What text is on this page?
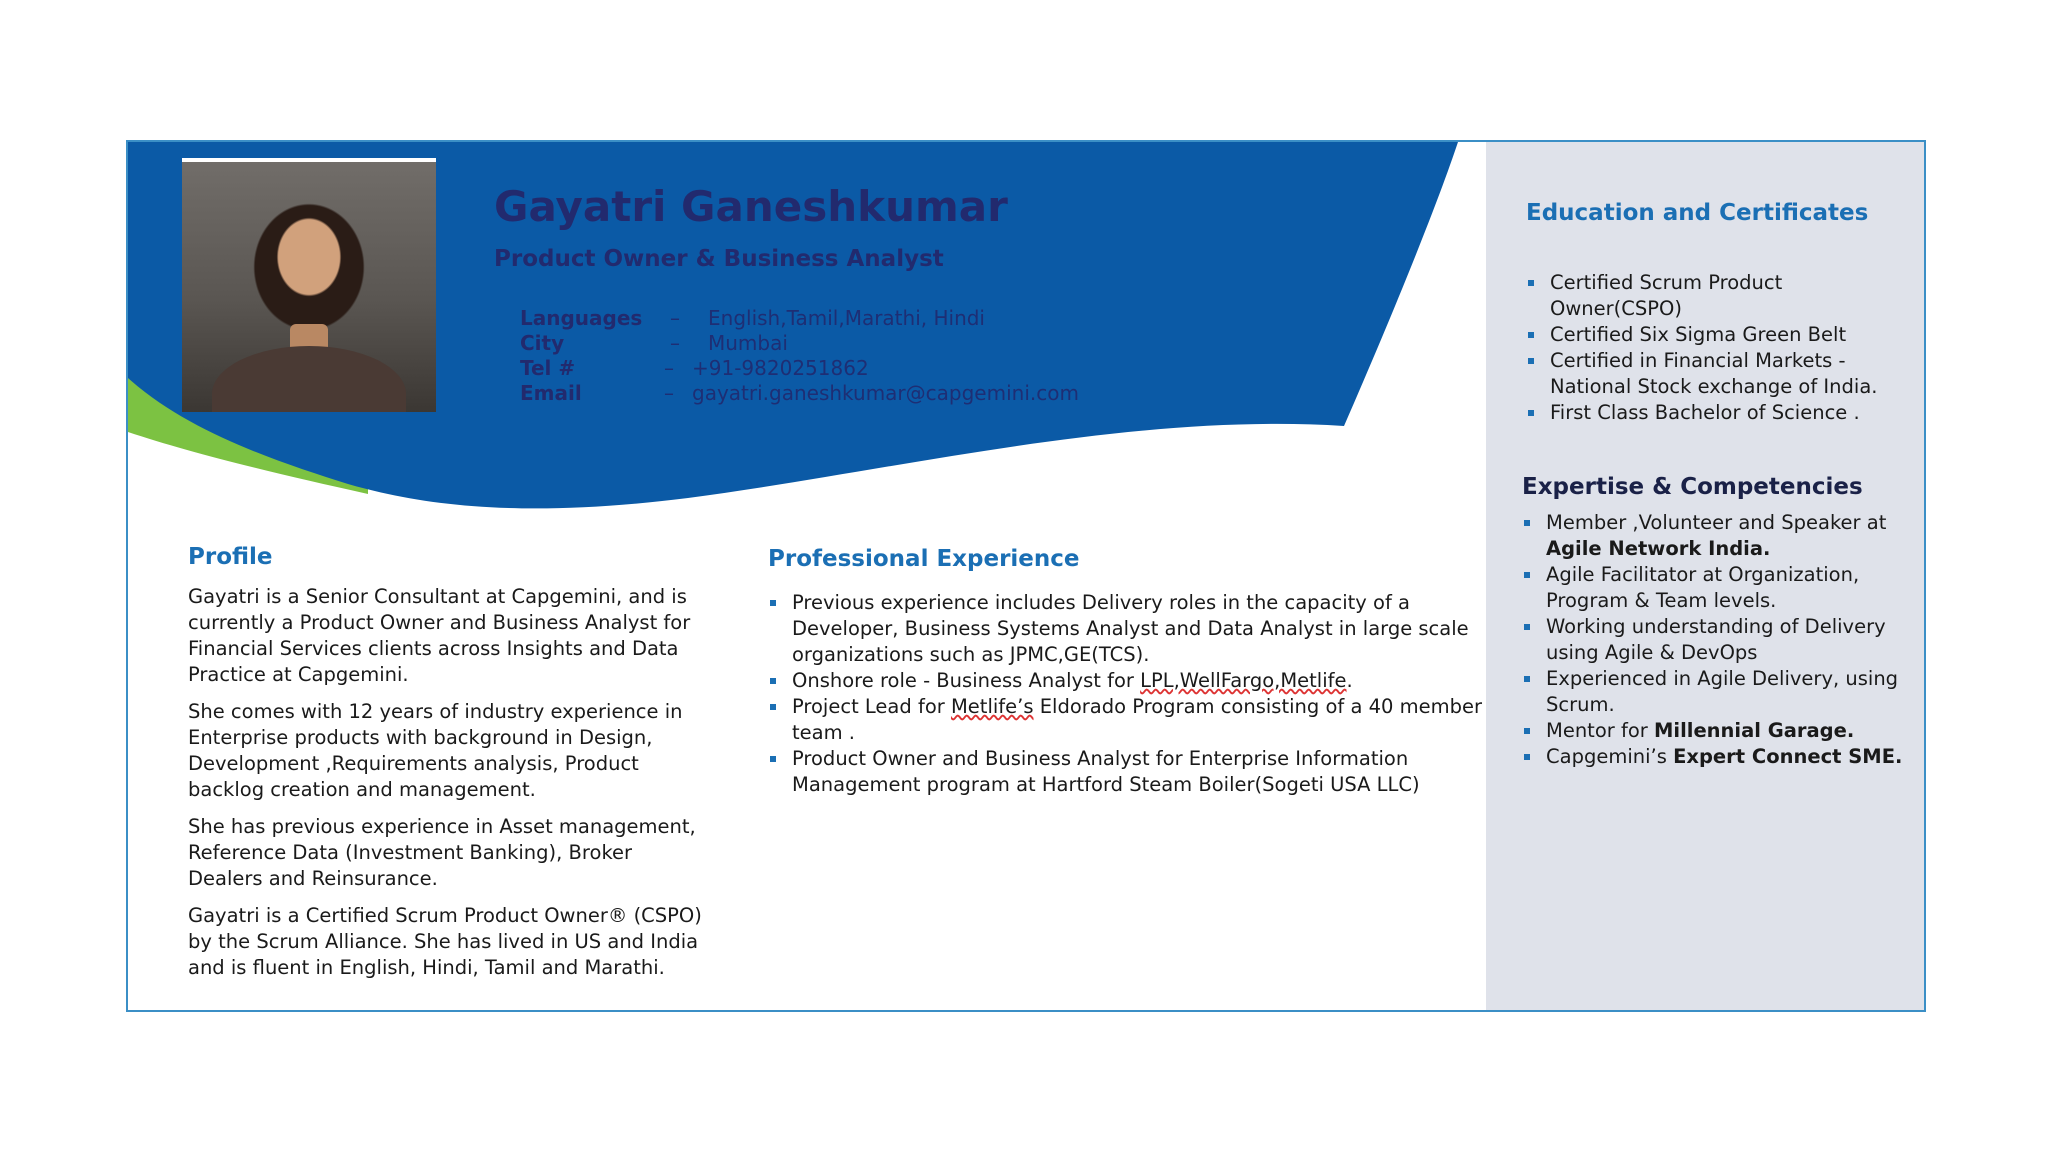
Gayatri Ganeshkumar
Product Owner & Business Analyst
Languages – English,Tamil,Marathi, Hindi
City	– Mumbai
Tel #	– +91-9820251862
Email	– gayatri.ganeshkumar@capgemini.com
Profile

Gayatri is a Senior Consultant at Capgemini, and is currently a Product Owner and Business Analyst for Financial Services clients across Insights and Data Practice at Capgemini.

She comes with 12 years of industry experience in Enterprise products with background in Design, Development ,Requirements analysis, Product backlog creation and management.

She has previous experience in Asset management, Reference Data (Investment Banking), Broker Dealers and Reinsurance.

Gayatri is a Certified Scrum Product Owner® (CSPO) by the Scrum Alliance. She has lived in US and India and is fluent in English, Hindi, Tamil and Marathi.

Professional Experience
Previous experience includes Delivery roles in the capacity of a Developer, Business Systems Analyst and Data Analyst in large scale organizations such as JPMC,GE(TCS).
Onshore role - Business Analyst for LPL,WellFargo,Metlife.
Project Lead for Metlife’s Eldorado Program consisting of a 40 member team .
Product Owner and Business Analyst for Enterprise Information Management program at Hartford Steam Boiler(Sogeti USA LLC)
Education and Certificates
Certified Scrum Product Owner(CSPO)
Certified Six Sigma Green Belt
Certified in Financial Markets - National Stock exchange of India.
First Class Bachelor of Science .
Expertise & Competencies
Member ,Volunteer and Speaker at Agile Network India.
Agile Facilitator at Organization, Program & Team levels.
Working understanding of Delivery using Agile & DevOps
Experienced in Agile Delivery, using Scrum.
Mentor for Millennial Garage.
Capgemini’s Expert Connect SME.
